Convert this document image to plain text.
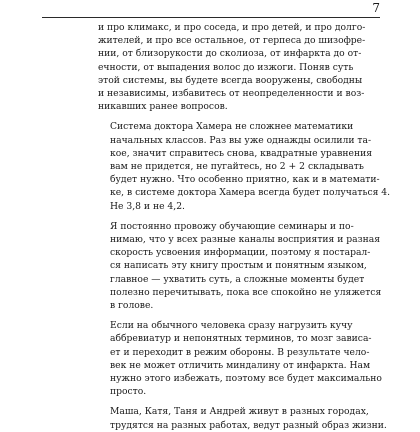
7

и про климакс, и про соседа, и про детей, и про долго-
жителей, и про все остальное, от герпеса до шизофре-
нии, от близорукости до сколиоза, от инфаркта до от-
ечности, от выпадения волос до изжоги. Поняв суть
этой системы, вы будете всегда вооружены, свободны
и независимы, избавитесь от неопределенности и воз-
никавших ранее вопросов.

Система доктора Хамера не сложнее математики
начальных классов. Раз вы уже однажды осилили та-
кое, значит справитесь снова, квадратные уравнения
вам не придется, не пугайтесь, но 2 + 2 складывать
будет нужно. Что особенно приятно, как и в математи-
ке, в системе доктора Хамера всегда будет получаться 4.
Не 3,8 и не 4,2.

Я постоянно провожу обучающие семинары и по-
нимаю, что у всех разные каналы восприятия и разная
скорость усвоения информации, поэтому я постарал-
ся написать эту книгу простым и понятным языком,
главное — ухватить суть, а сложные моменты будет
полезно перечитывать, пока все спокойно не уляжется
в голове.

Если на обычного человека сразу нагрузить кучу
аббревиатур и непонятных терминов, то мозг зависа-
ет и переходит в режим обороны. В результате чело-
век не может отличить миндалину от инфаркта. Нам
нужно этого избежать, поэтому все будет максимально
просто.

Маша, Катя, Таня и Андрей живут в разных городах,
трудятся на разных работах, ведут разный образ жизни.
